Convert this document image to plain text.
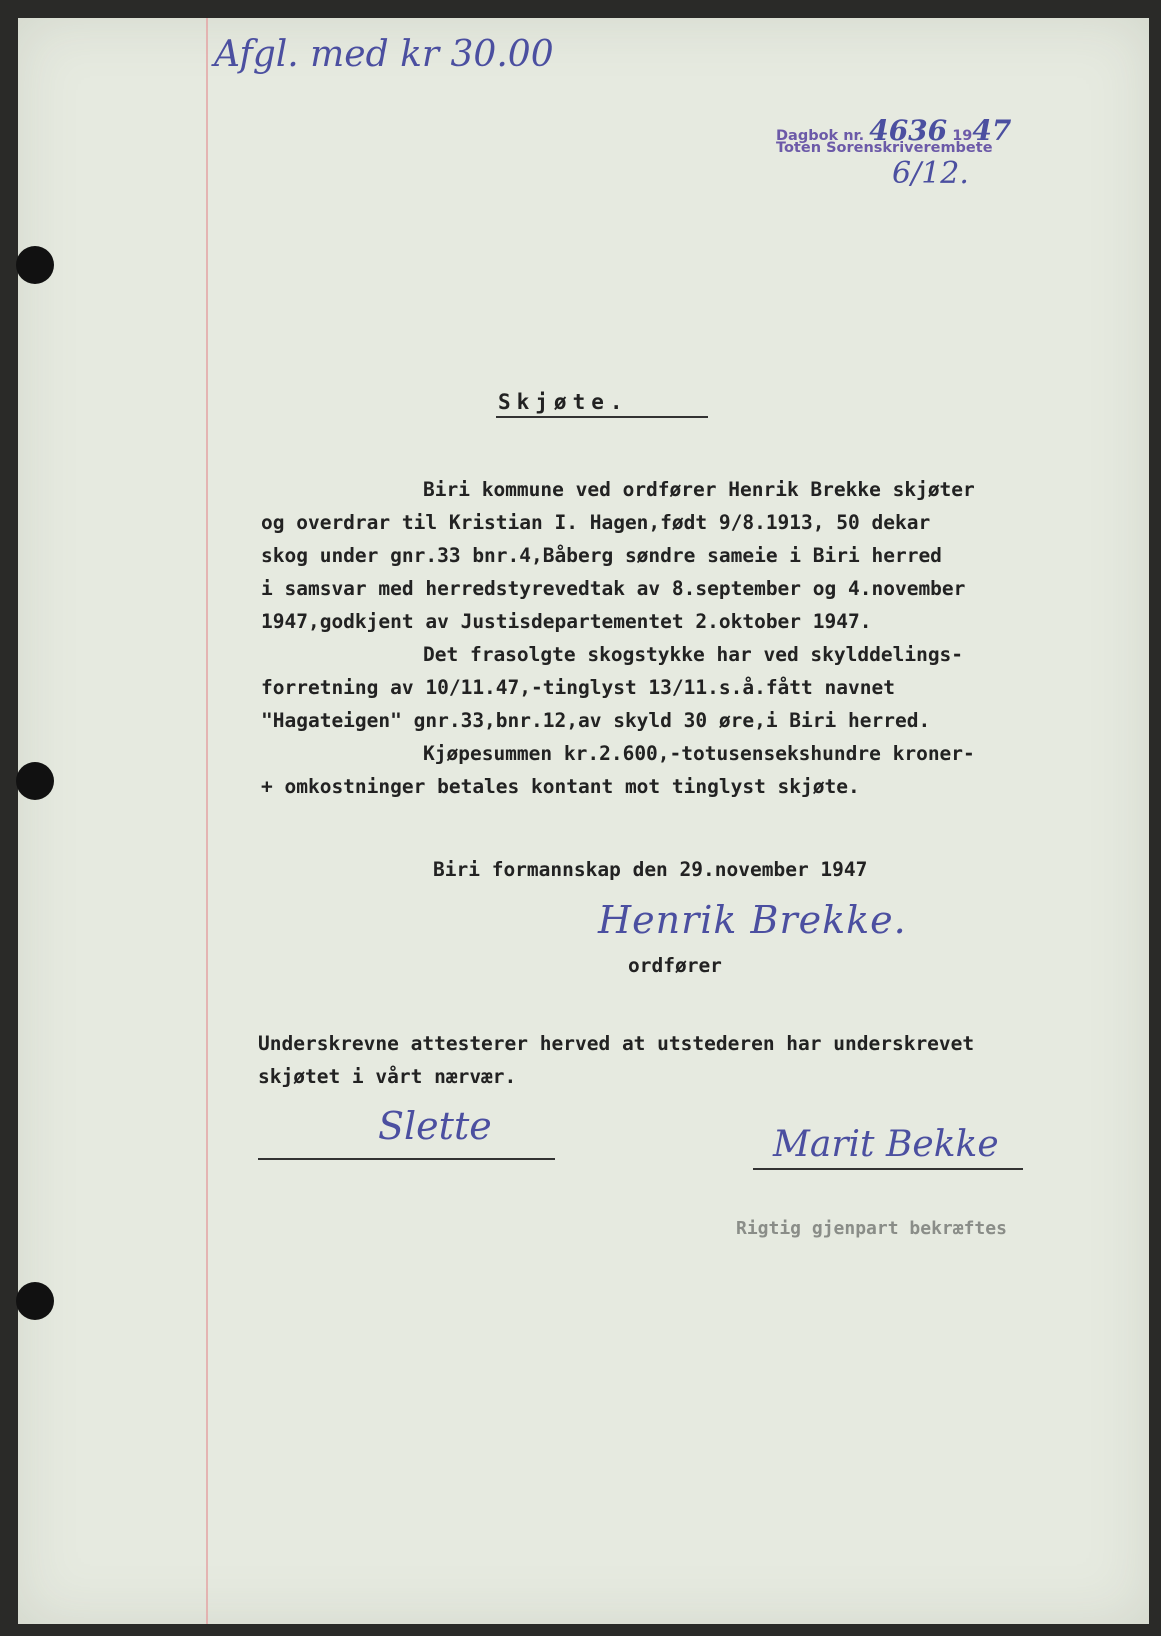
Afgl. med kr 30.00
Dagbok nr. 4636 1947
Toten Sorenskriverembete
6/12.
Skjøte.
Biri kommune ved ordfører Henrik Brekke skjøter
og overdrar til Kristian I. Hagen,født 9/8.1913, 50 dekar
skog under gnr.33 bnr.4,Båberg søndre sameie i Biri herred
i samsvar med herredstyrevedtak av 8.september og 4.november
1947,godkjent av Justisdepartementet 2.oktober 1947.
Det frasolgte skogstykke har ved skylddelings-
forretning av 10/11.47,-tinglyst 13/11.s.å.fått navnet
"Hagateigen" gnr.33,bnr.12,av skyld 30 øre,i Biri herred.
Kjøpesummen kr.2.600,-totusensekshundre kroner-
+ omkostninger betales kontant mot tinglyst skjøte.
Biri formannskap den 29.november 1947
Henrik Brekke.
ordfører
Underskrevne attesterer herved at utstederen har underskrevet
skjøtet i vårt nærvær.
Slette	Marit Bekke
Rigtig gjenpart bekræftes
